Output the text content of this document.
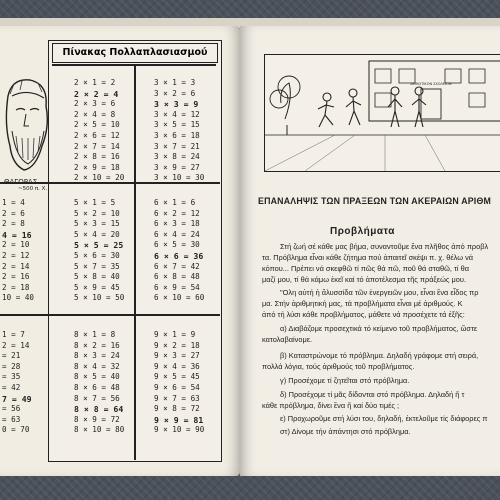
~500 π. Χ.
Πίνακας Πολλαπλασιασμού
1 = 4
2 = 6
2 = 8
4 = 16
2 = 10
2 = 12
2 = 14
2 = 16
2 = 18
10 = 40
1 = 7
2 = 14
= 21
= 28
= 35
= 42
7 = 49
= 56
= 63
0 = 70
2 × 1 = 2
2 × 2 = 4
2 × 3 = 6
2 × 4 = 8
2 × 5 = 10
2 × 6 = 12
2 × 7 = 14
2 × 8 = 16
2 × 9 = 18
2 × 10 = 20
5 × 1 = 5
5 × 2 = 10
5 × 3 = 15
5 × 4 = 20
5 × 5 = 25
5 × 6 = 30
5 × 7 = 35
5 × 8 = 40
5 × 9 = 45
5 × 10 = 50
8 × 1 = 8
8 × 2 = 16
8 × 3 = 24
8 × 4 = 32
8 × 5 = 40
8 × 6 = 48
8 × 7 = 56
8 × 8 = 64
8 × 9 = 72
8 × 10 = 80
3 × 1 = 3
3 × 2 = 6
3 × 3 = 9
3 × 4 = 12
3 × 5 = 15
3 × 6 = 18
3 × 7 = 21
3 × 8 = 24
3 × 9 = 27
3 × 10 = 30
6 × 1 = 6
6 × 2 = 12
6 × 3 = 18
6 × 4 = 24
6 × 5 = 30
6 × 6 = 36
6 × 7 = 42
6 × 8 = 48
6 × 9 = 54
6 × 10 = 60
9 × 1 = 9
9 × 2 = 18
9 × 3 = 27
9 × 4 = 36
9 × 5 = 45
9 × 6 = 54
9 × 7 = 63
9 × 8 = 72
9 × 9 = 81
9 × 10 = 90
ΔΗΜΟΤΙΚΟΝ ΣΧΟΛΕΙΟΝ
ΕΠΑΝΑΛΗΨΙΣ ΤΩΝ ΠΡΑΞΕΩΝ ΤΩΝ ΑΚΕΡΑΙΩΝ ΑΡΙΘΜ
Προβλήματα
Στή ζωή σέ κάθε μας βήμα, συναντοῦμε ἕνα πλῆθος ἀπό προβλ
τα. Πρόβλημα εἶναι κάθε ζήτημα πού ἀπαιτεῖ σκέψι π. χ. θέλω νά
κόπου... Πρέπει νά σκεφθῶ τί πῶς θά πῶ, ποῦ θά σταθῶ, τί θα
μαζί μου, τί θά κάμω ἐκεῖ καί τό ἀποτέλεσμα τῆς πράξεώς μου.
"Ολη αὐτή ἡ ἅλυσσίδα τῶν ἐνεργειῶν μου, εἶναι ἕνα εἶδος πρ
μα. Στήν ἀριθμητική μας, τά προβλήματα εἶναι μέ ἀριθμούς. Κ
ἀπό τή λύσι κάθε προβλήματος, μάθετε νά προσέχετε τά ἑξῆς:
α) Διαβάζομε προσεχτικά τό κείμενο τοῦ προβλήματος, ὥστε
κατολαβαίνομε.
β) Καταστρώνομε τό πρόβλημα. Δηλαδή γράφομε στή σειρά,
πολλά λόγια, τούς ἀριθμούς τοῦ προβλήματος.
γ) Προσέχομε τί ζητεῖται στό πρόβλημα.
δ) Προσέχομε τί μᾶς δίδονται στό πρόβλημα. Δηλαδή ἤ τ
κάθε πρόβλημα, δίνει ἕνα ἤ καί δύο τιμές ;
ε) Προχωροῦμε στή λύσι του, δηλαδή, ἐκτελοῦμε τίς διάφορες π
στ) Δίνομε τήν ἀπάντησι στό πρόβλημα.
